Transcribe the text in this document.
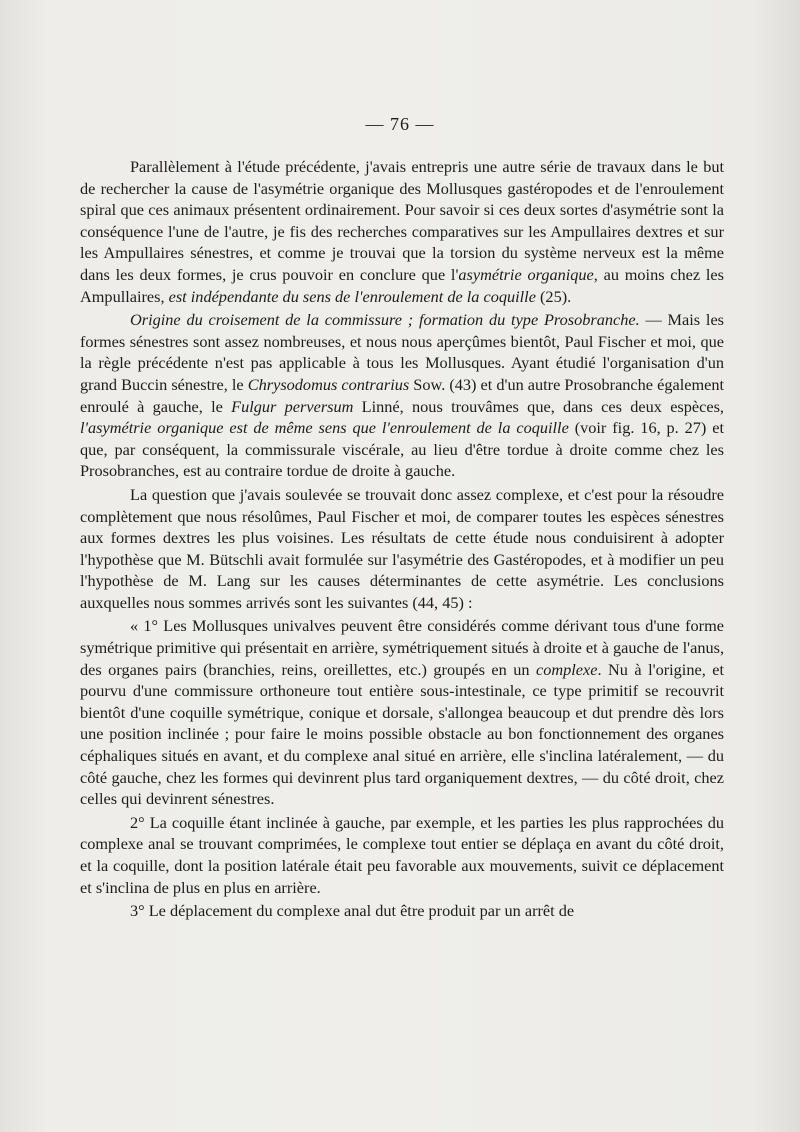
— 76 —

Parallèlement à l'étude précédente, j'avais entrepris une autre série de travaux dans le but de rechercher la cause de l'asymétrie organique des Mollusques gastéropodes et de l'enroulement spiral que ces animaux présentent ordinairement. Pour savoir si ces deux sortes d'asymétrie sont la conséquence l'une de l'autre, je fis des recherches comparatives sur les Ampullaires dextres et sur les Ampullaires sénestres, et comme je trouvai que la torsion du système nerveux est la même dans les deux formes, je crus pouvoir en conclure que l'asymétrie organique, au moins chez les Ampullaires, est indépendante du sens de l'enroulement de la coquille (25).

Origine du croisement de la commissure ; formation du type Prosobranche. — Mais les formes sénestres sont assez nombreuses, et nous nous aperçûmes bientôt, Paul Fischer et moi, que la règle précédente n'est pas applicable à tous les Mollusques. Ayant étudié l'organisation d'un grand Buccin sénestre, le Chrysodomus contrarius Sow. (43) et d'un autre Prosobranche également enroulé à gauche, le Fulgur perversum Linné, nous trouvâmes que, dans ces deux espèces, l'asymétrie organique est de même sens que l'enroulement de la coquille (voir fig. 16, p. 27) et que, par conséquent, la commissurale viscérale, au lieu d'être tordue à droite comme chez les Prosobranches, est au contraire tordue de droite à gauche.

La question que j'avais soulevée se trouvait donc assez complexe, et c'est pour la résoudre complètement que nous résolûmes, Paul Fischer et moi, de comparer toutes les espèces sénestres aux formes dextres les plus voisines. Les résultats de cette étude nous conduisirent à adopter l'hypothèse que M. Bütschli avait formulée sur l'asymétrie des Gastéropodes, et à modifier un peu l'hypothèse de M. Lang sur les causes déterminantes de cette asymétrie. Les conclusions auxquelles nous sommes arrivés sont les suivantes (44, 45) :

« 1° Les Mollusques univalves peuvent être considérés comme dérivant tous d'une forme symétrique primitive qui présentait en arrière, symétriquement situés à droite et à gauche de l'anus, des organes pairs (branchies, reins, oreillettes, etc.) groupés en un complexe. Nu à l'origine, et pourvu d'une commissure orthoneure tout entière sous-intestinale, ce type primitif se recouvrit bientôt d'une coquille symétrique, conique et dorsale, s'allongea beaucoup et dut prendre dès lors une position inclinée ; pour faire le moins possible obstacle au bon fonctionnement des organes céphaliques situés en avant, et du complexe anal situé en arrière, elle s'inclina latéralement, — du côté gauche, chez les formes qui devinrent plus tard organiquement dextres, — du côté droit, chez celles qui devinrent sénestres.

2° La coquille étant inclinée à gauche, par exemple, et les parties les plus rapprochées du complexe anal se trouvant comprimées, le complexe tout entier se déplaça en avant du côté droit, et la coquille, dont la position latérale était peu favorable aux mouvements, suivit ce déplacement et s'inclina de plus en plus en arrière.

3° Le déplacement du complexe anal dut être produit par un arrêt de
